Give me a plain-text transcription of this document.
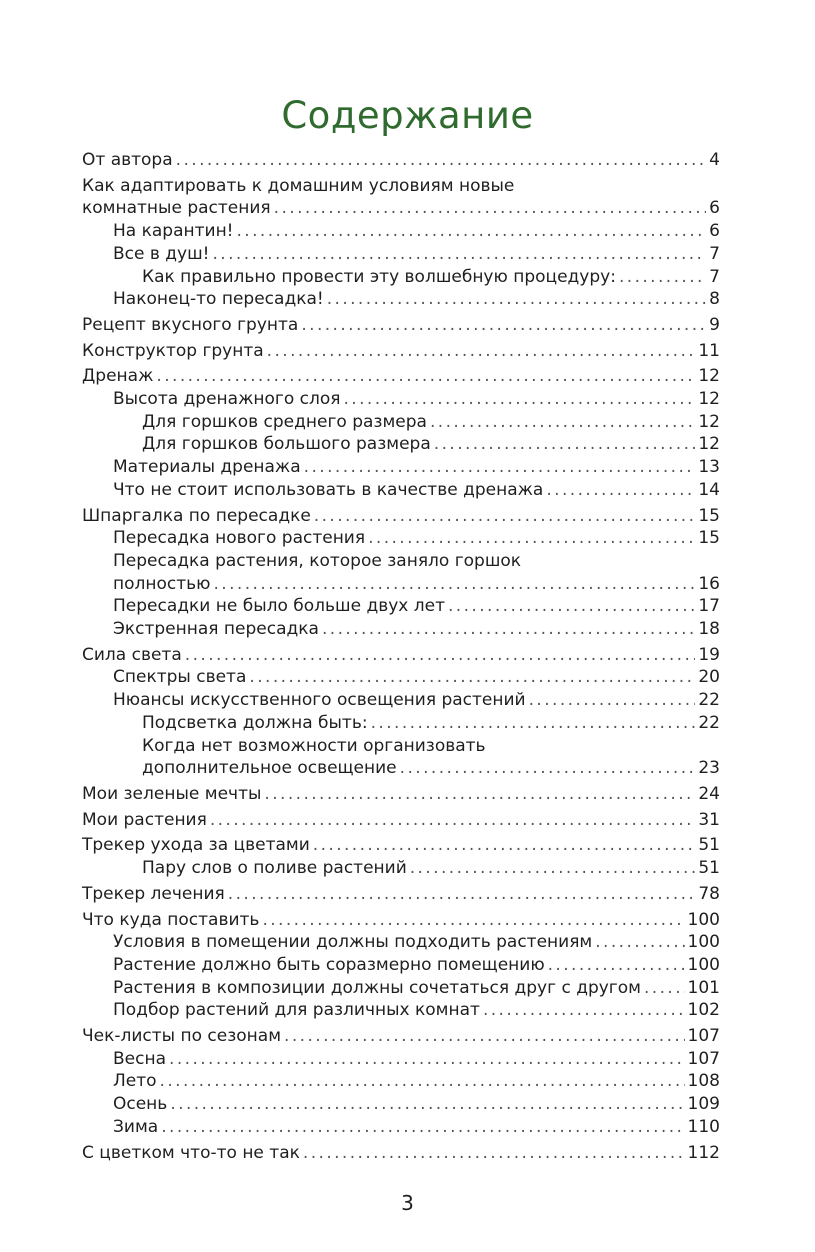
Содержание
От автора . . .	4
Как адаптировать к домашним условиям новые
комнатные растения . . .	6
На карантин! . . .	6
Все в душ! . . .	7
Как правильно провести эту волшебную процедуру: . . .	7
Наконец-то пересадка! . . .	8
Рецепт вкусного грунта . . .	9
Конструктор грунта . . .	11
Дренаж . . .	12
Высота дренажного слоя . . .	12
Для горшков среднего размера . . .	12
Для горшков большого размера . . .	12
Материалы дренажа . . .	13
Что не стоит использовать в качестве дренажа . . .	14
Шпаргалка по пересадке . . .	15
Пересадка нового растения . . .	15
Пересадка растения, которое заняло горшок
полностью . . .	16
Пересадки не было больше двух лет . . .	17
Экстренная пересадка . . .	18
Сила света . . .	19
Спектры света . . .	20
Нюансы искусственного освещения растений . . .	22
Подсветка должна быть: . . .	22
Когда нет возможности организовать
дополнительное освещение . . .	23
Мои зеленые мечты . . .	24
Мои растения . . .	31
Трекер ухода за цветами . . .	51
Пару слов о поливе растений . . .	51
Трекер лечения . . .	78
Что куда поставить . . .	100
Условия в помещении должны подходить растениям . . .	100
Растение должно быть соразмерно помещению . . .	100
Растения в композиции должны сочетаться друг с другом . . .	101
Подбор растений для различных комнат . . .	102
Чек-листы по сезонам . . .	107
Весна . . .	107
Лето . . .	108
Осень . . .	109
Зима . . .	110
С цветком что-то не так . . .	112
3
